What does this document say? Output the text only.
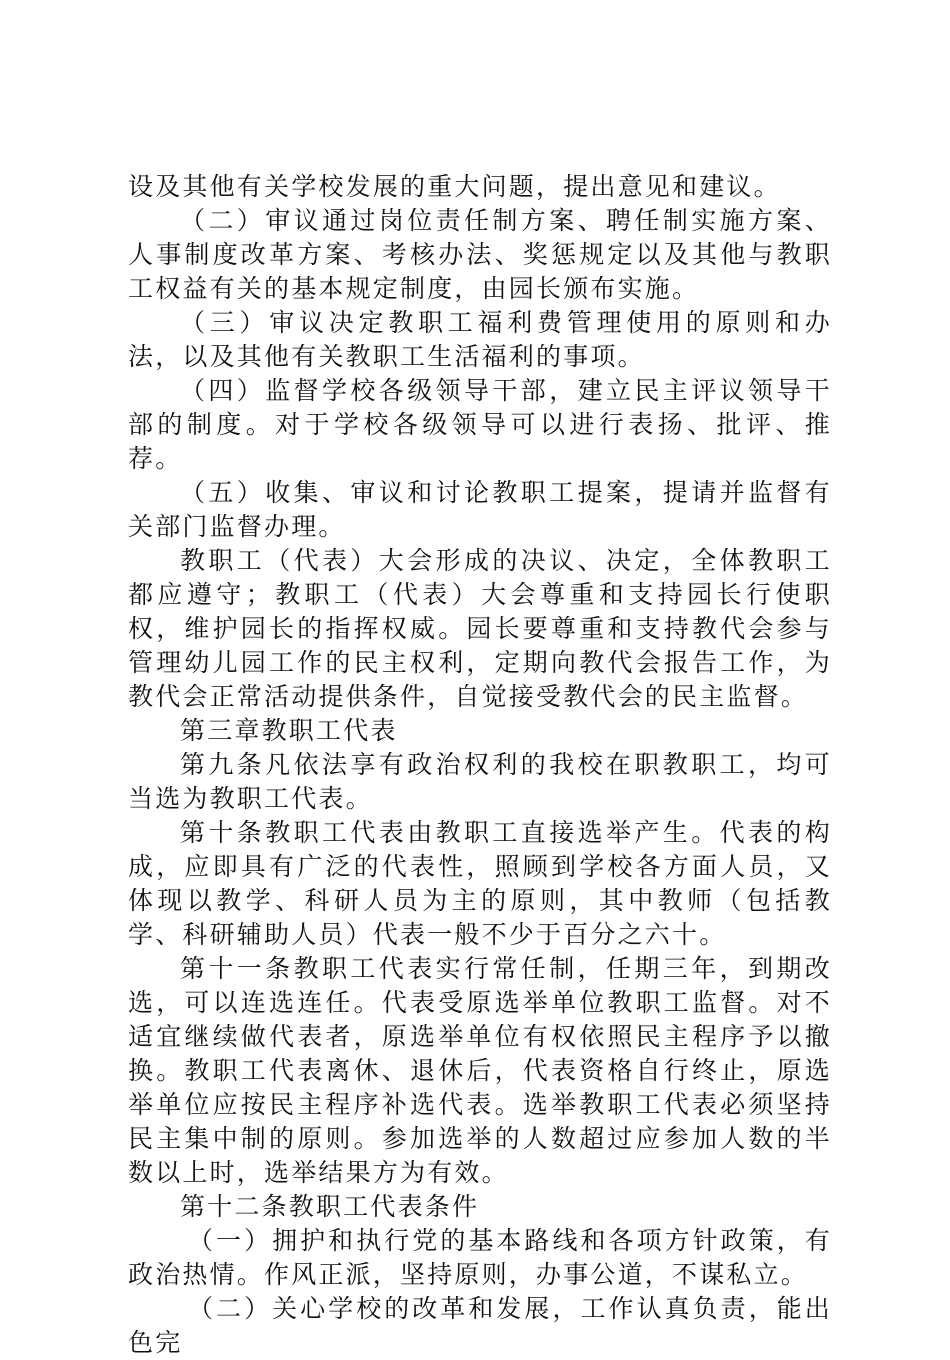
设及其他有关学校发展的重大问题，提出意见和建议。

（二）审议通过岗位责任制方案、聘任制实施方案、人事制度改革方案、考核办法、奖惩规定以及其他与教职工权益有关的基本规定制度，由园长颁布实施。

（三）审议决定教职工福利费管理使用的原则和办法，以及其他有关教职工生活福利的事项。

（四）监督学校各级领导干部，建立民主评议领导干部的制度。对于学校各级领导可以进行表扬、批评、推荐。

（五）收集、审议和讨论教职工提案，提请并监督有关部门监督办理。

教职工（代表）大会形成的决议、决定，全体教职工都应遵守；教职工（代表）大会尊重和支持园长行使职权，维护园长的指挥权威。园长要尊重和支持教代会参与管理幼儿园工作的民主权利，定期向教代会报告工作，为教代会正常活动提供条件，自觉接受教代会的民主监督。

第三章教职工代表

第九条凡依法享有政治权利的我校在职教职工，均可当选为教职工代表。

第十条教职工代表由教职工直接选举产生。代表的构成，应即具有广泛的代表性，照顾到学校各方面人员，又体现以教学、科研人员为主的原则，其中教师（包括教学、科研辅助人员）代表一般不少于百分之六十。

第十一条教职工代表实行常任制，任期三年，到期改选，可以连选连任。代表受原选举单位教职工监督。对不适宜继续做代表者，原选举单位有权依照民主程序予以撤换。教职工代表离休、退休后，代表资格自行终止，原选举单位应按民主程序补选代表。选举教职工代表必须坚持民主集中制的原则。参加选举的人数超过应参加人数的半数以上时，选举结果方为有效。

第十二条教职工代表条件

（一）拥护和执行党的基本路线和各项方针政策，有政治热情。作风正派，坚持原则，办事公道，不谋私立。

（二）关心学校的改革和发展，工作认真负责，能出色完
